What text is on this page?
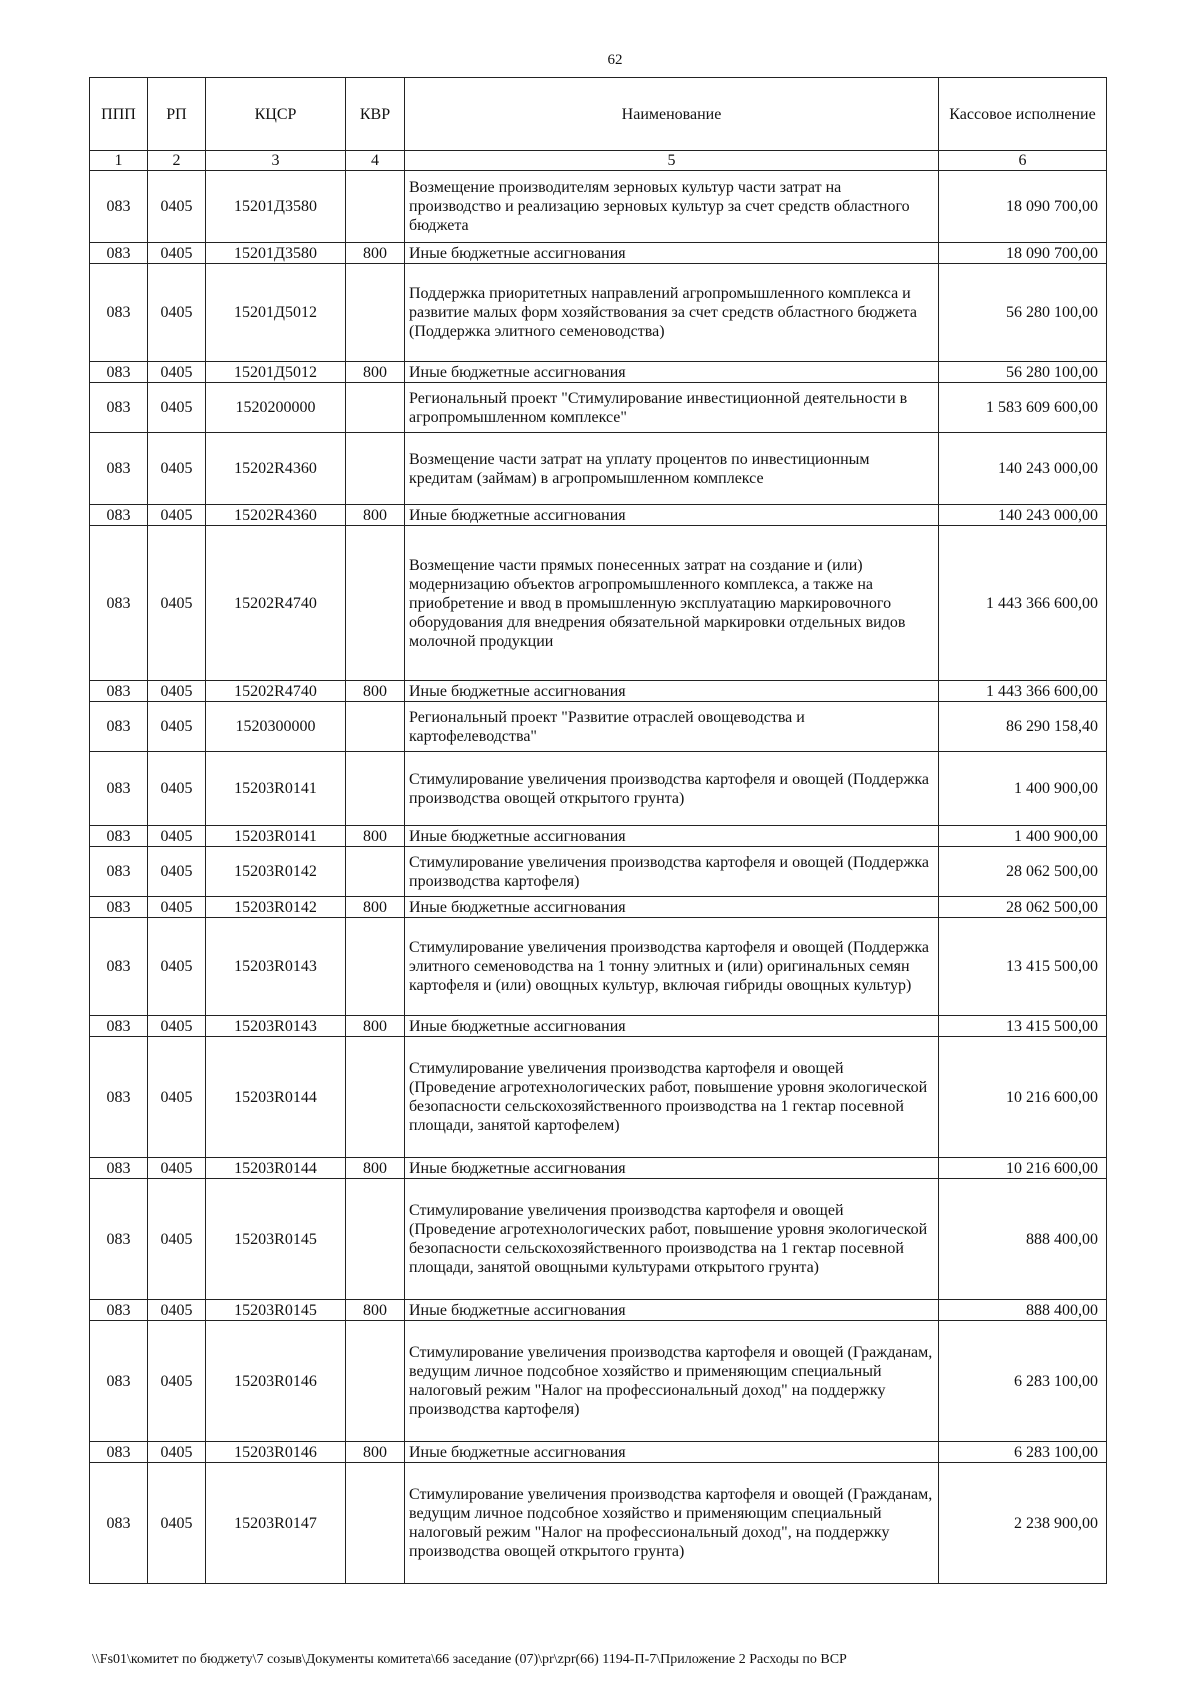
62
ППП	РП	КЦСР	КВР	Наименование	Кассовое исполнение
1	2	3	4	5	6
083	0405	15201Д3580		Возмещение производителям зерновых культур части затрат на производство и реализацию зерновых культур за счет средств областного бюджета	18 090 700,00
083	0405	15201Д3580	800	Иные бюджетные ассигнования	18 090 700,00
083	0405	15201Д5012		Поддержка приоритетных направлений агропромышленного комплекса и развитие малых форм хозяйствования за счет средств областного бюджета (Поддержка элитного семеноводства)	56 280 100,00
083	0405	15201Д5012	800	Иные бюджетные ассигнования	56 280 100,00
083	0405	1520200000		Региональный проект "Стимулирование инвестиционной деятельности в агропромышленном комплексе"	1 583 609 600,00
083	0405	15202R4360		Возмещение части затрат на уплату процентов по инвестиционным кредитам (займам) в агропромышленном комплексе	140 243 000,00
083	0405	15202R4360	800	Иные бюджетные ассигнования	140 243 000,00
083	0405	15202R4740		Возмещение части прямых понесенных затрат на создание и (или) модернизацию объектов агропромышленного комплекса, а также на приобретение и ввод в промышленную эксплуатацию маркировочного оборудования для внедрения обязательной маркировки отдельных видов молочной продукции	1 443 366 600,00
083	0405	15202R4740	800	Иные бюджетные ассигнования	1 443 366 600,00
083	0405	1520300000		Региональный проект "Развитие отраслей овощеводства и картофелеводства"	86 290 158,40
083	0405	15203R0141		Стимулирование увеличения производства картофеля и овощей (Поддержка производства овощей открытого грунта)	1 400 900,00
083	0405	15203R0141	800	Иные бюджетные ассигнования	1 400 900,00
083	0405	15203R0142		Стимулирование увеличения производства картофеля и овощей (Поддержка производства картофеля)	28 062 500,00
083	0405	15203R0142	800	Иные бюджетные ассигнования	28 062 500,00
083	0405	15203R0143		Стимулирование увеличения производства картофеля и овощей (Поддержка элитного семеноводства на 1 тонну элитных и (или) оригинальных семян картофеля и (или) овощных культур, включая гибриды овощных культур)	13 415 500,00
083	0405	15203R0143	800	Иные бюджетные ассигнования	13 415 500,00
083	0405	15203R0144		Стимулирование увеличения производства картофеля и овощей (Проведение агротехнологических работ, повышение уровня экологической безопасности сельскохозяйственного производства на 1 гектар посевной площади, занятой картофелем)	10 216 600,00
083	0405	15203R0144	800	Иные бюджетные ассигнования	10 216 600,00
083	0405	15203R0145		Стимулирование увеличения производства картофеля и овощей (Проведение агротехнологических работ, повышение уровня экологической безопасности сельскохозяйственного производства на 1 гектар посевной площади, занятой овощными культурами открытого грунта)	888 400,00
083	0405	15203R0145	800	Иные бюджетные ассигнования	888 400,00
083	0405	15203R0146		Стимулирование увеличения производства картофеля и овощей (Гражданам, ведущим личное подсобное хозяйство и применяющим специальный налоговый режим "Налог на профессиональный доход" на поддержку производства картофеля)	6 283 100,00
083	0405	15203R0146	800	Иные бюджетные ассигнования	6 283 100,00
083	0405	15203R0147		Стимулирование увеличения производства картофеля и овощей (Гражданам, ведущим личное подсобное хозяйство и применяющим специальный налоговый режим "Налог на профессиональный доход", на поддержку производства овощей открытого грунта)	2 238 900,00
\\Fs01\комитет по бюджету\7 созыв\Документы комитета\66 заседание (07)\pr\zpr(66) 1194-П-7\Приложение 2 Расходы по ВСР
